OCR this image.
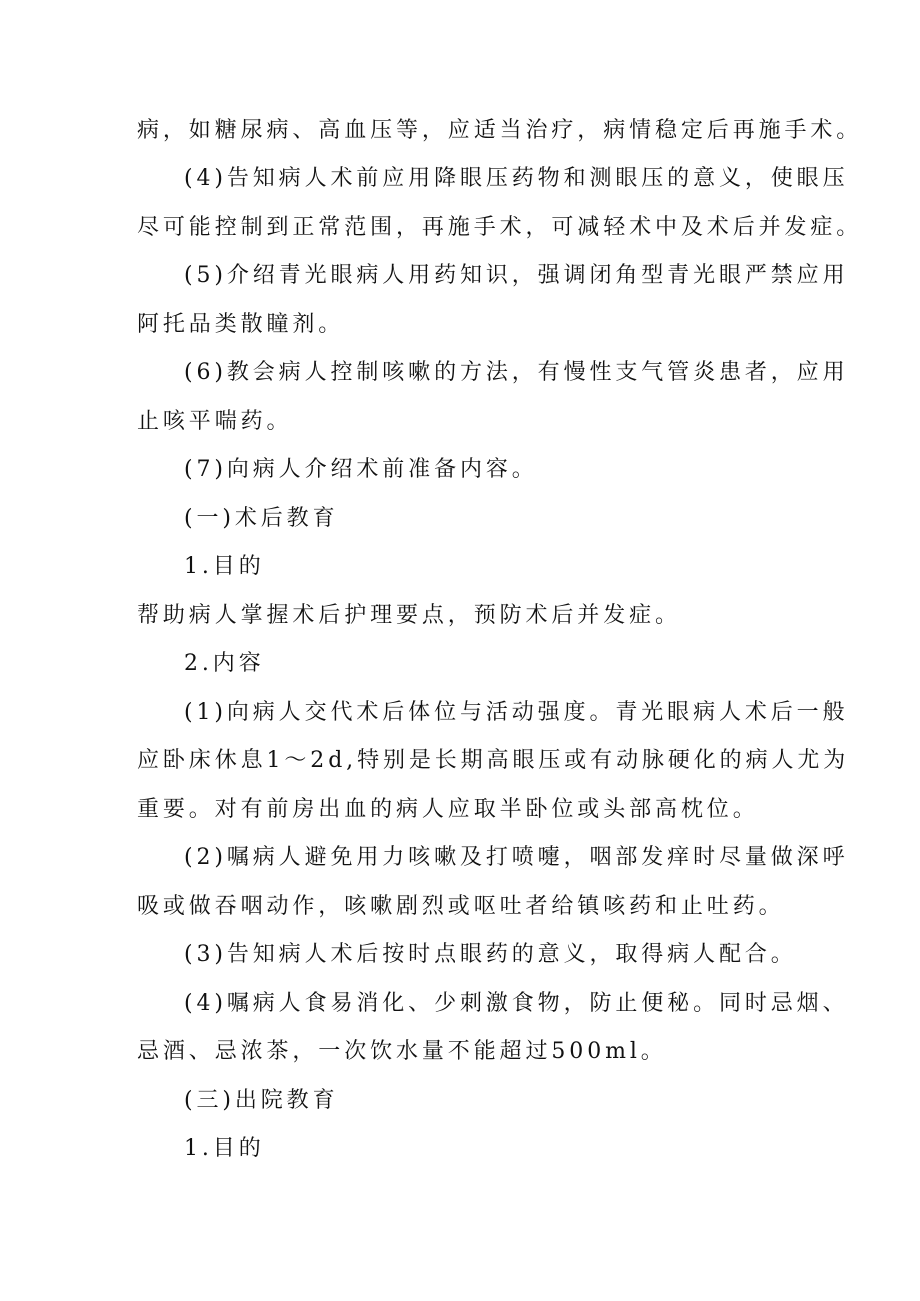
病，如糖尿病、高血压等，应适当治疗，病情稳定后再施手术。
(4)告知病人术前应用降眼压药物和测眼压的意义，使眼压
尽可能控制到正常范围，再施手术，可减轻术中及术后并发症。
(5)介绍青光眼病人用药知识，强调闭角型青光眼严禁应用
阿托品类散瞳剂。
(6)教会病人控制咳嗽的方法，有慢性支气管炎患者，应用
止咳平喘药。
(7)向病人介绍术前准备内容。
(一)术后教育
1.目的
帮助病人掌握术后护理要点，预防术后并发症。
2.内容
(1)向病人交代术后体位与活动强度。青光眼病人术后一般
应卧床休息1～2d,特别是长期高眼压或有动脉硬化的病人尤为
重要。对有前房出血的病人应取半卧位或头部高枕位。
(2)嘱病人避免用力咳嗽及打喷嚏，咽部发痒时尽量做深呼
吸或做吞咽动作，咳嗽剧烈或呕吐者给镇咳药和止吐药。
(3)告知病人术后按时点眼药的意义，取得病人配合。
(4)嘱病人食易消化、少刺激食物，防止便秘。同时忌烟、
忌酒、忌浓茶，一次饮水量不能超过500ml。
(三)出院教育
1.目的
